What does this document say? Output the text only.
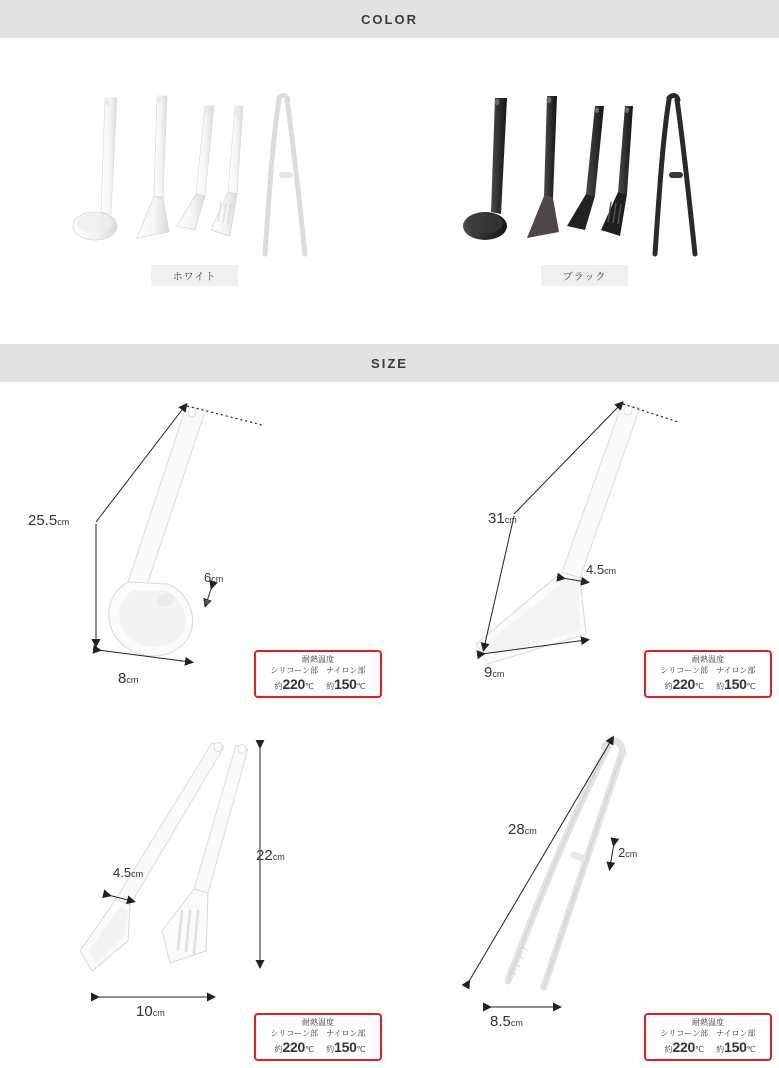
COLOR
ホワイト	ブラック
SIZE
25.5cm
6cm
8cm
耐熱温度
シリコーン部
約220℃
ナイロン部
約150℃
31cm
4.5cm
9cm
耐熱温度
シリコーン部
約220℃
ナイロン部
約150℃
4.5cm
22cm
10cm
耐熱温度
シリコーン部
約220℃
ナイロン部
約150℃
28cm
2cm
8.5cm	耐熱温度
シリコーン部
約220℃
ナイロン部
約150℃
